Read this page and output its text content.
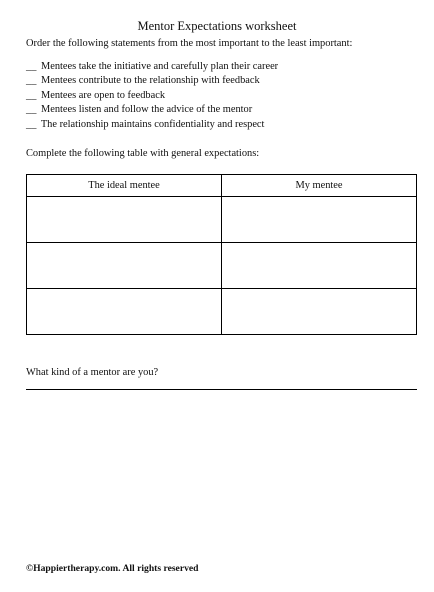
Mentor Expectations worksheet
Order the following statements from the most important to the least important:
__ Mentees take the initiative and carefully plan their career
__ Mentees contribute to the relationship with feedback
__ Mentees are open to feedback
__ Mentees listen and follow the advice of the mentor
__ The relationship maintains confidentiality and respect
Complete the following table with general expectations:
The ideal mentee	My mentee

What kind of a mentor are you?
©Happiertherapy.com. All rights reserved
